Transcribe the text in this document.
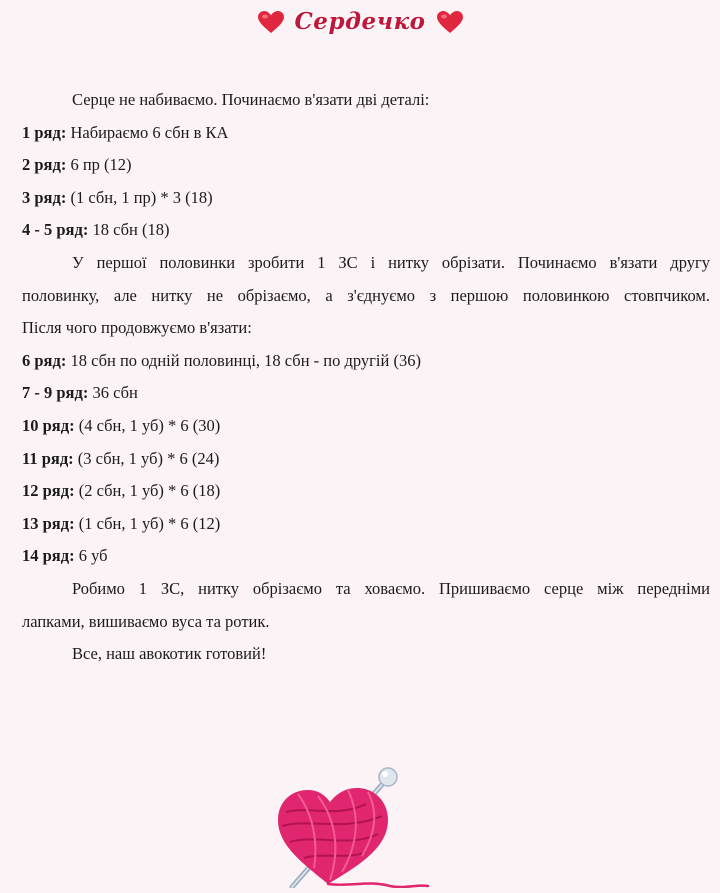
Сердечко
Серце не набиваємо. Починаємо в'язати дві деталі:
1 ряд: Набираємо 6 сбн в КА
2 ряд: 6 пр (12)
3 ряд: (1 сбн, 1 пр) * 3 (18)
4 - 5 ряд: 18 сбн (18)
У першої половинки зробити 1 ЗС і нитку обрізати. Починаємо в'язати другу
половинку, але нитку не обрізаємо, а з'єднуємо з першою половинкою стовпчиком.
Після чого продовжуємо в'язати:
6 ряд: 18 сбн по одній половинці, 18 сбн - по другій (36)
7 - 9 ряд: 36 сбн
10 ряд: (4 сбн, 1 уб) * 6 (30)
11 ряд: (3 сбн, 1 уб) * 6 (24)
12 ряд: (2 сбн, 1 уб) * 6 (18)
13 ряд: (1 сбн, 1 уб) * 6 (12)
14 ряд: 6 уб
Робимо 1 ЗС, нитку обрізаємо та ховаємо. Пришиваємо серце між передніми
лапками, вишиваємо вуса та ротик.
Все, наш авокотик готовий!
